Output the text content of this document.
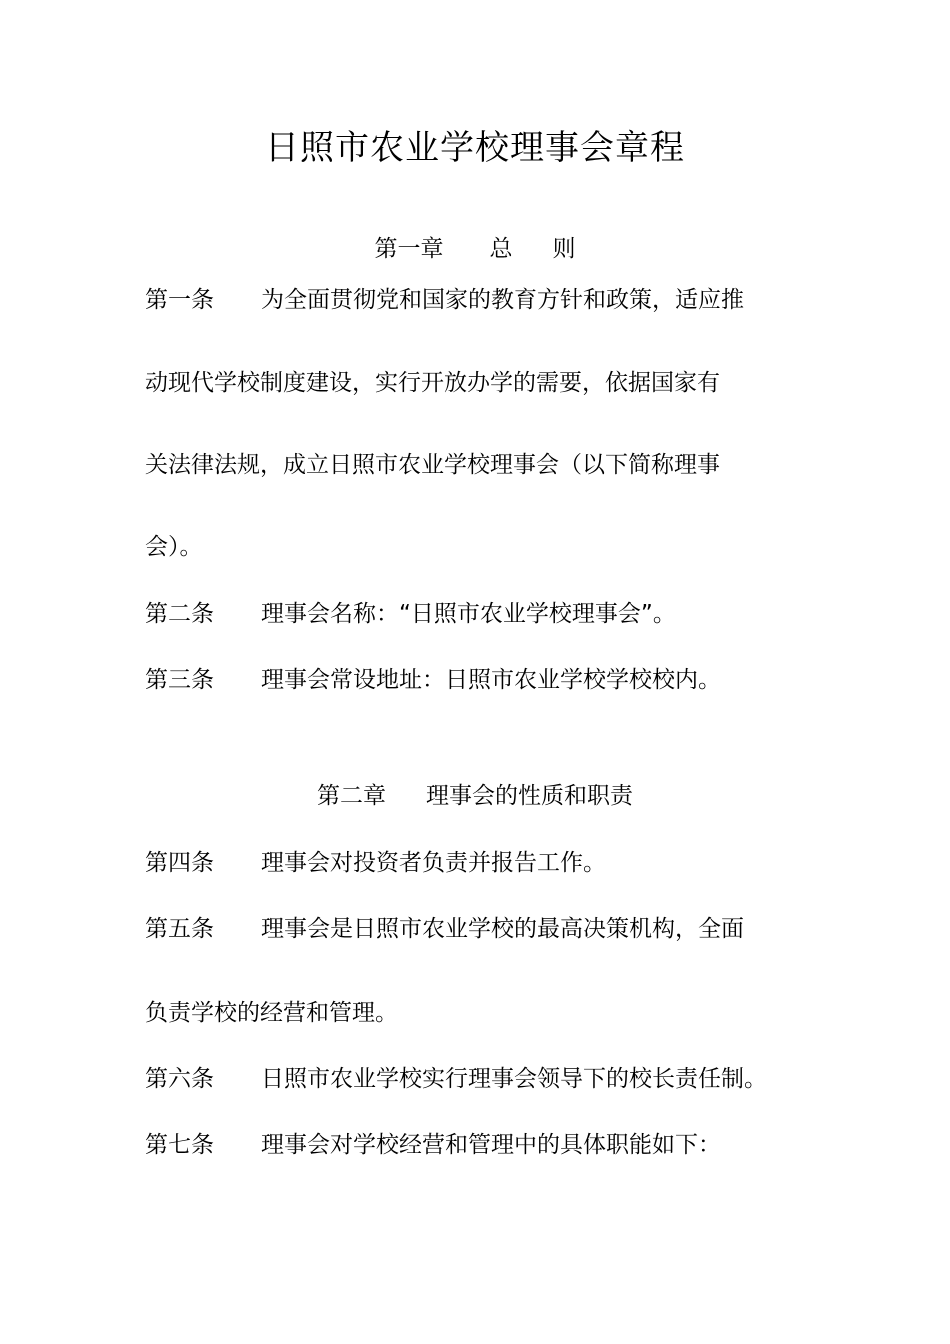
日照市农业学校理事会章程
第一章 总 则
第一条 为全面贯彻党和国家的教育方针和政策，适应推
动现代学校制度建设，实行开放办学的需要，依据国家有
关法律法规，成立日照市农业学校理事会（以下简称理事
会）。
第二条 理事会名称：“日照市农业学校理事会”。
第三条 理事会常设地址：日照市农业学校学校校内。
第二章 理事会的性质和职责
第四条 理事会对投资者负责并报告工作。
第五条 理事会是日照市农业学校的最高决策机构，全面
负责学校的经营和管理。
第六条 日照市农业学校实行理事会领导下的校长责任制。
第七条 理事会对学校经营和管理中的具体职能如下：
